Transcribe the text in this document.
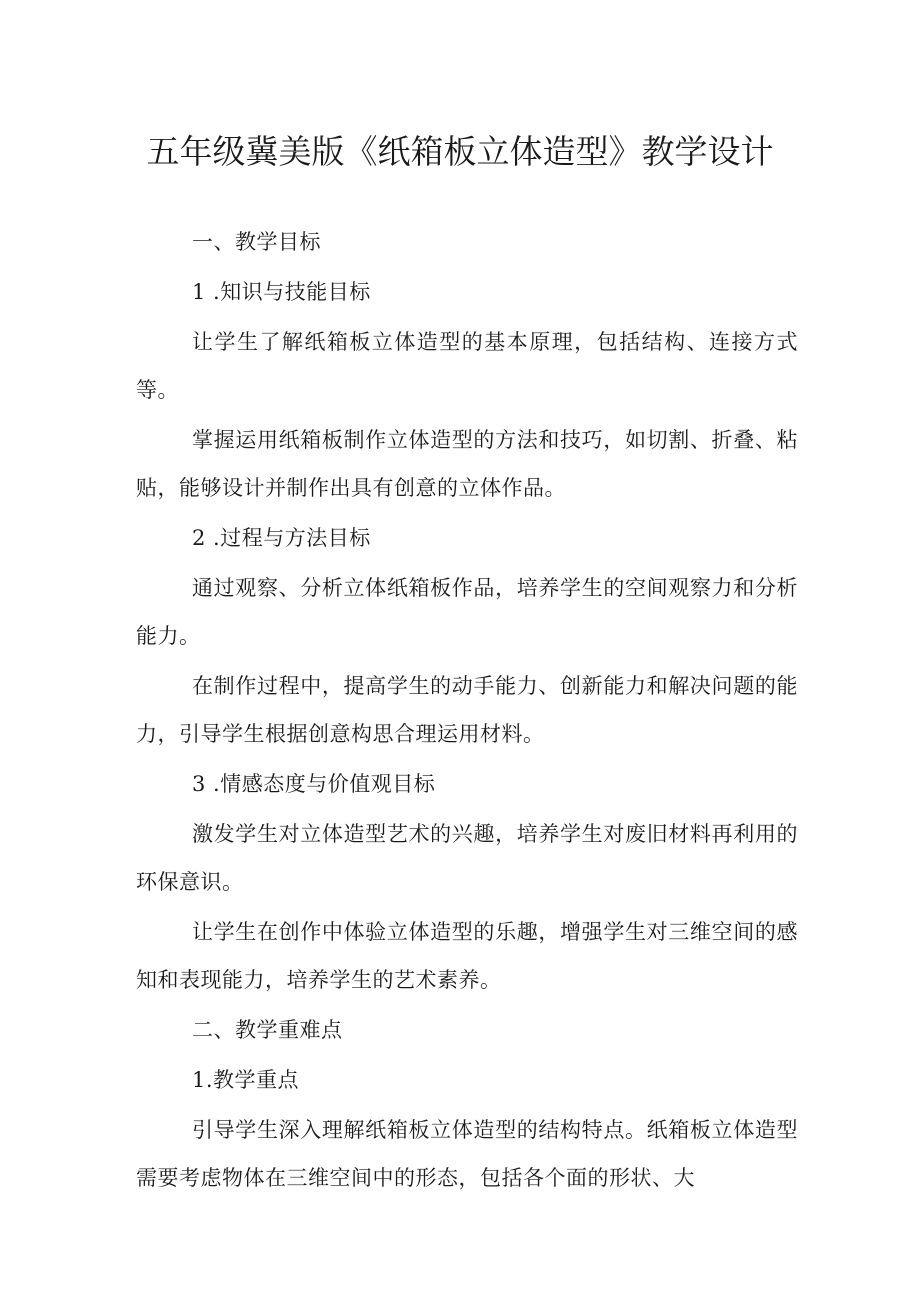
五年级冀美版《纸箱板立体造型》教学设计
一、教学目标
1 .知识与技能目标

让学生了解纸箱板立体造型的基本原理，包括结构、连接方式等。

掌握运用纸箱板制作立体造型的方法和技巧，如切割、折叠、粘贴，能够设计并制作出具有创意的立体作品。

2 .过程与方法目标

通过观察、分析立体纸箱板作品，培养学生的空间观察力和分析能力。

在制作过程中，提高学生的动手能力、创新能力和解决问题的能力，引导学生根据创意构思合理运用材料。

3 .情感态度与价值观目标

激发学生对立体造型艺术的兴趣，培养学生对废旧材料再利用的环保意识。

让学生在创作中体验立体造型的乐趣，增强学生对三维空间的感知和表现能力，培养学生的艺术素养。

二、教学重难点
1.教学重点

引导学生深入理解纸箱板立体造型的结构特点。纸箱板立体造型需要考虑物体在三维空间中的形态，包括各个面的形状、大
